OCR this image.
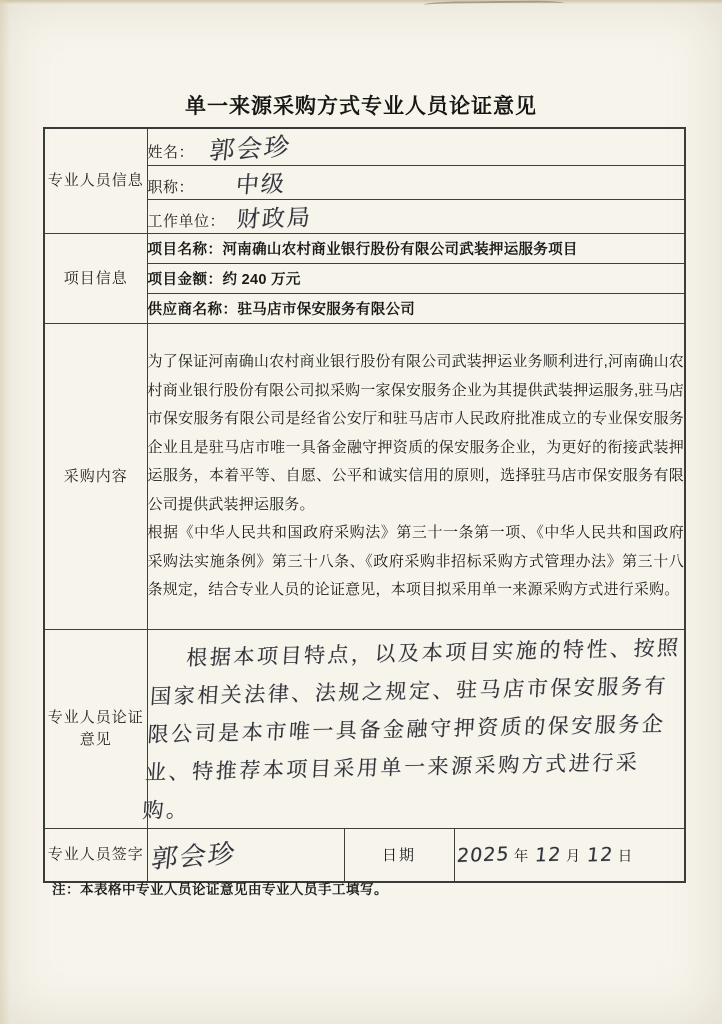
单一来源采购方式专业人员论证意见
专业人员信息	姓名： 郭会珍		
	职称： 中级		
	工作单位： 财政局		
项目信息	项目名称：河南确山农村商业银行股份有限公司武装押运服务项目		
	项目金额：约 240 万元		
	供应商名称：驻马店市保安服务有限公司		
采购内容	为了保证河南确山农村商业银行股份有限公司武装押运业务顺利进行,河南确山农村商业银行股份有限公司拟采购一家保安服务企业为其提供武装押运服务,驻马店市保安服务有限公司是经省公安厅和驻马店市人民政府批准成立的专业保安服务企业且是驻马店市唯一具备金融守押资质的保安服务企业，为更好的衔接武装押运服务，本着平等、自愿、公平和诚实信用的原则，选择驻马店市保安服务有限公司提供武装押运服务。

根据《中华人民共和国政府采购法》第三十一条第一项、《中华人民共和国政府采购法实施条例》第三十八条、《政府采购非招标采购方式管理办法》第三十八条规定，结合专业人员的论证意见，本项目拟采用单一来源采购方式进行采购。		

专业人员论证意见	根据本项目特点，以及本项目实施的特性、按照国家相关法律、法规之规定、驻马店市保安服务有限公司是本市唯一具备金融守押资质的保安服务企业、特推荐本项目采用单一来源采购方式进行采购。		

专业人员签字	郭会珍	日期	2025 年 12 月 12 日
注：本表格中专业人员论证意见由专业人员手工填写。
